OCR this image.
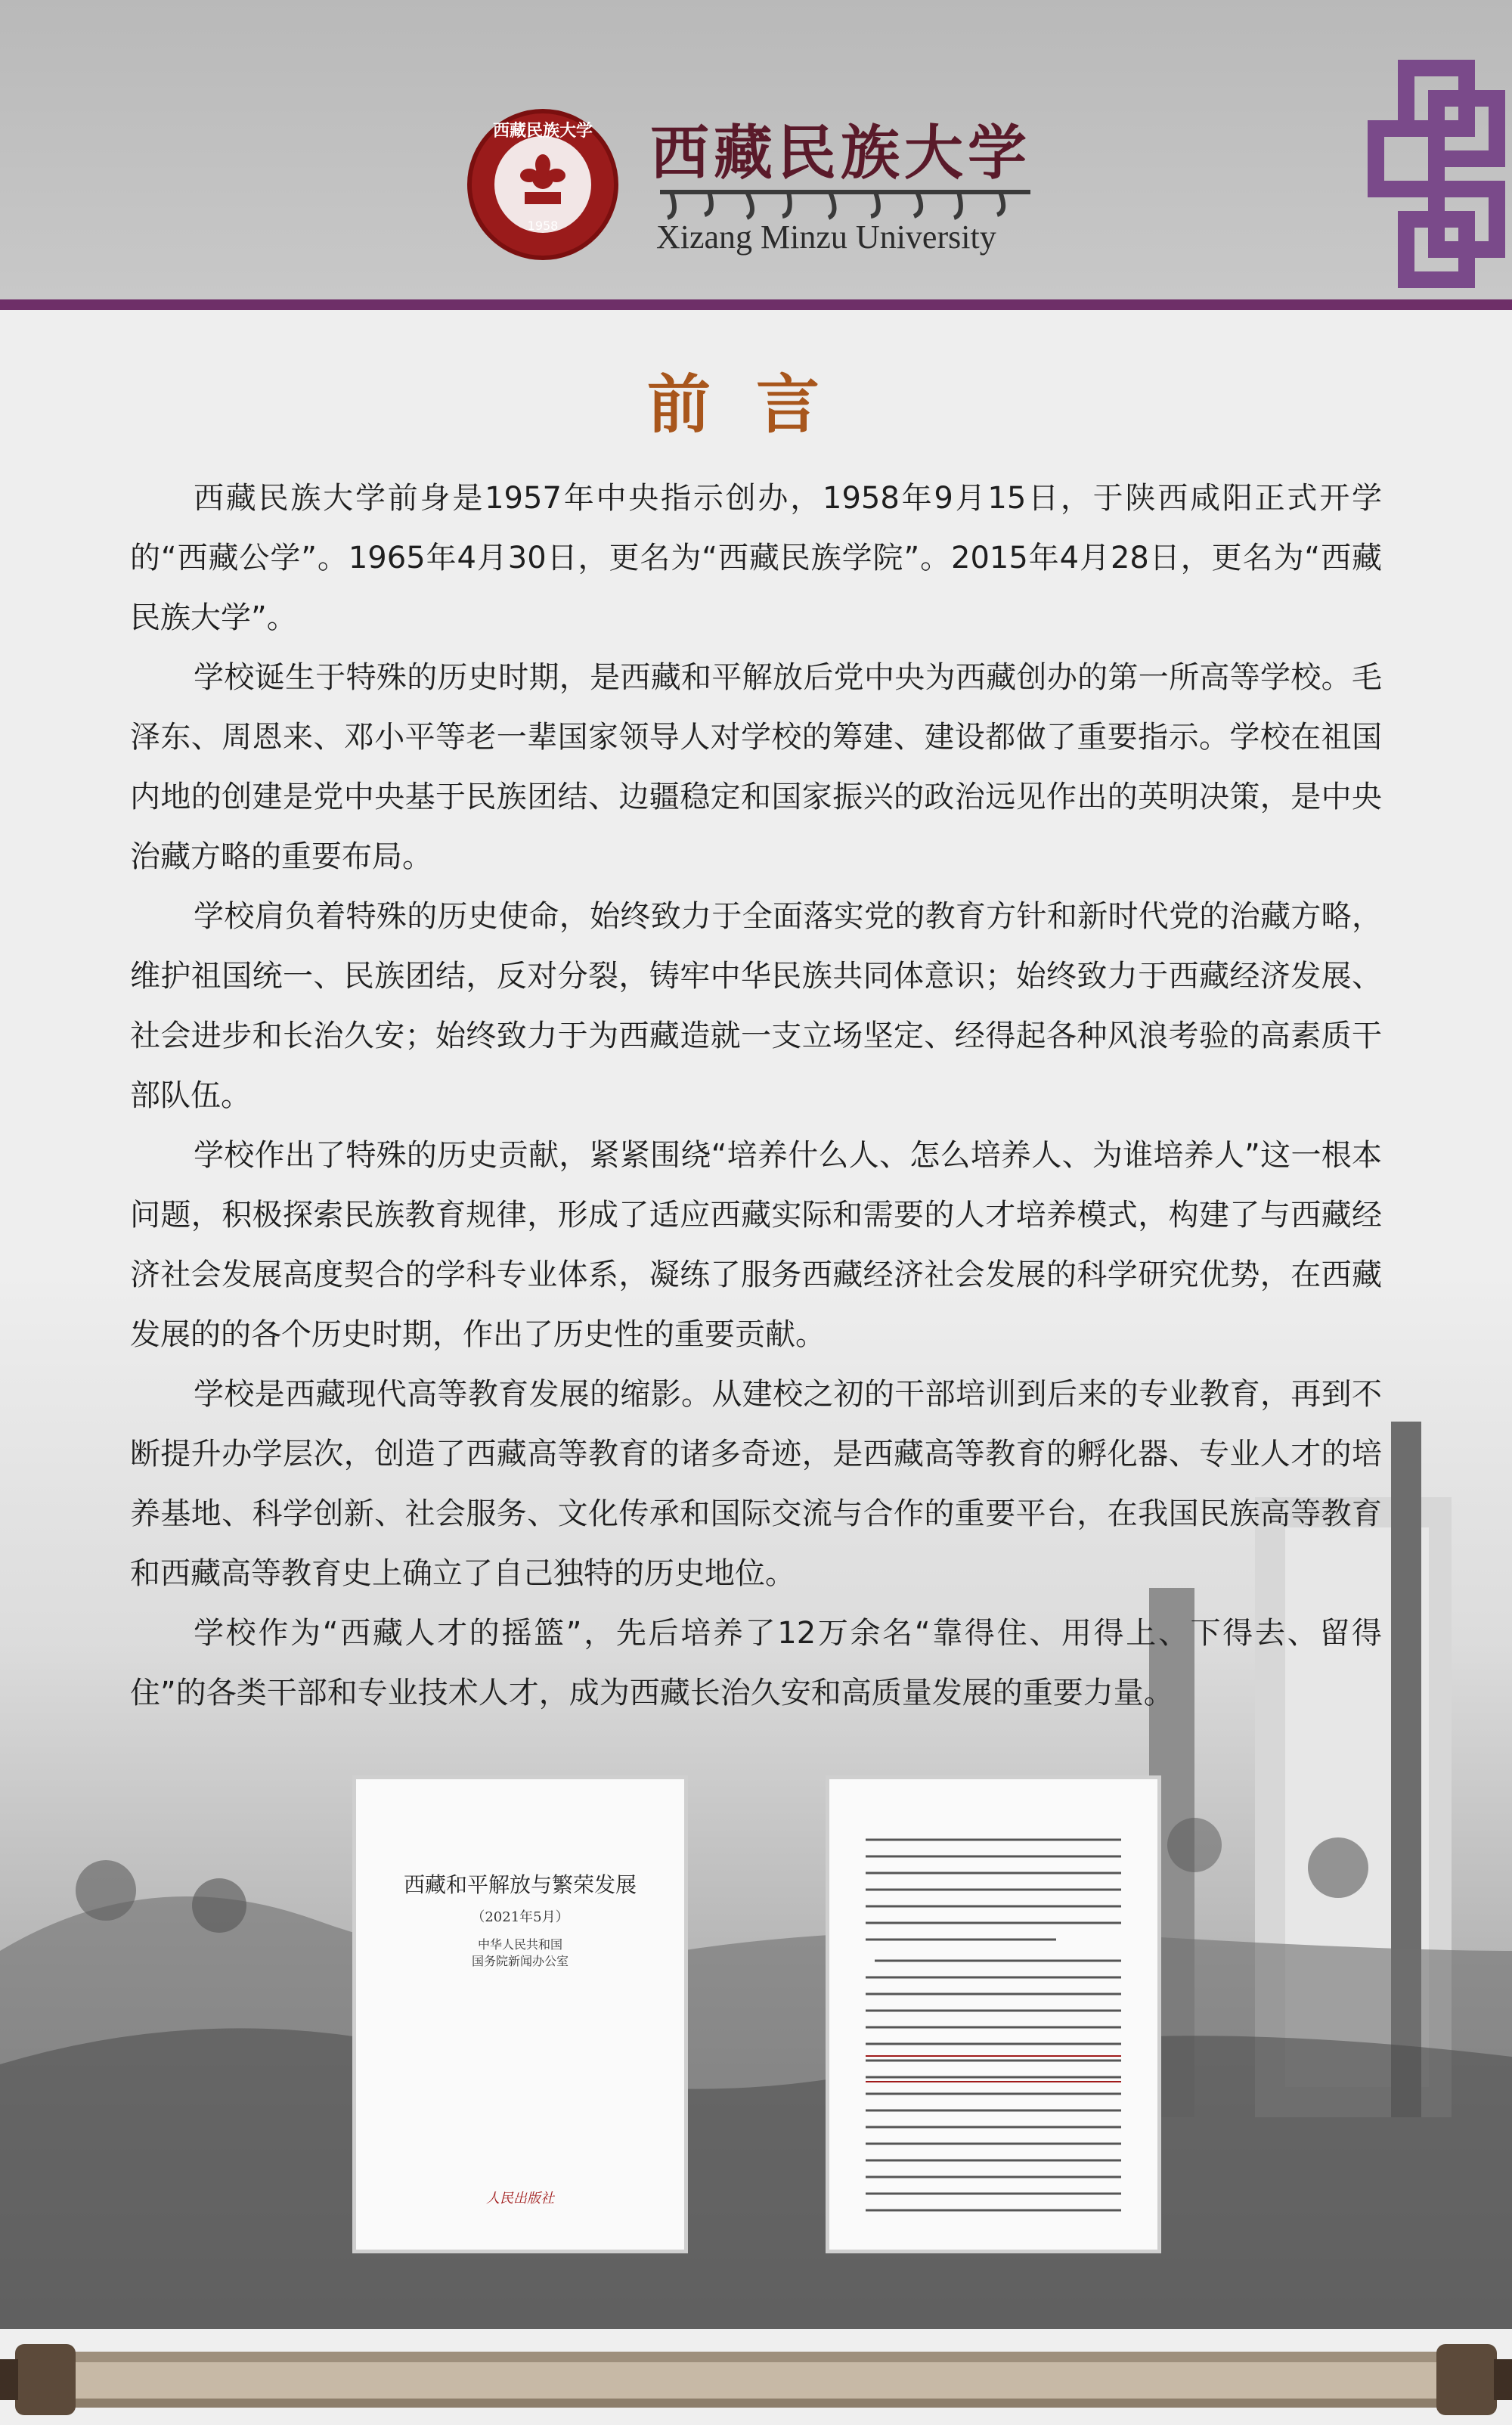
西藏民族大学
1958
西藏民族大学
Xizang Minzu University
前言

西藏民族大学前身是1957年中央指示创办，1958年9月15日，于陕西咸阳正式开学的“西藏公学”。1965年4月30日，更名为“西藏民族学院”。2015年4月28日，更名为“西藏民族大学”。

学校诞生于特殊的历史时期，是西藏和平解放后党中央为西藏创办的第一所高等学校。毛泽东、周恩来、邓小平等老一辈国家领导人对学校的筹建、建设都做了重要指示。学校在祖国内地的创建是党中央基于民族团结、边疆稳定和国家振兴的政治远见作出的英明决策，是中央治藏方略的重要布局。

学校肩负着特殊的历史使命，始终致力于全面落实党的教育方针和新时代党的治藏方略，维护祖国统一、民族团结，反对分裂，铸牢中华民族共同体意识；始终致力于西藏经济发展、社会进步和长治久安；始终致力于为西藏造就一支立场坚定、经得起各种风浪考验的高素质干部队伍。

学校作出了特殊的历史贡献，紧紧围绕“培养什么人、怎么培养人、为谁培养人”这一根本问题，积极探索民族教育规律，形成了适应西藏实际和需要的人才培养模式，构建了与西藏经济社会发展高度契合的学科专业体系，凝练了服务西藏经济社会发展的科学研究优势，在西藏发展的的各个历史时期，作出了历史性的重要贡献。

学校是西藏现代高等教育发展的缩影。从建校之初的干部培训到后来的专业教育，再到不断提升办学层次，创造了西藏高等教育的诸多奇迹，是西藏高等教育的孵化器、专业人才的培养基地、科学创新、社会服务、文化传承和国际交流与合作的重要平台，在我国民族高等教育和西藏高等教育史上确立了自己独特的历史地位。

学校作为“西藏人才的摇篮”，先后培养了12万余名“靠得住、用得上、下得去、留得住”的各类干部和专业技术人才，成为西藏长治久安和高质量发展的重要力量。

西藏和平解放与繁荣发展
（2021年5月）
中华人民共和国
国务院新闻办公室
人民出版社
